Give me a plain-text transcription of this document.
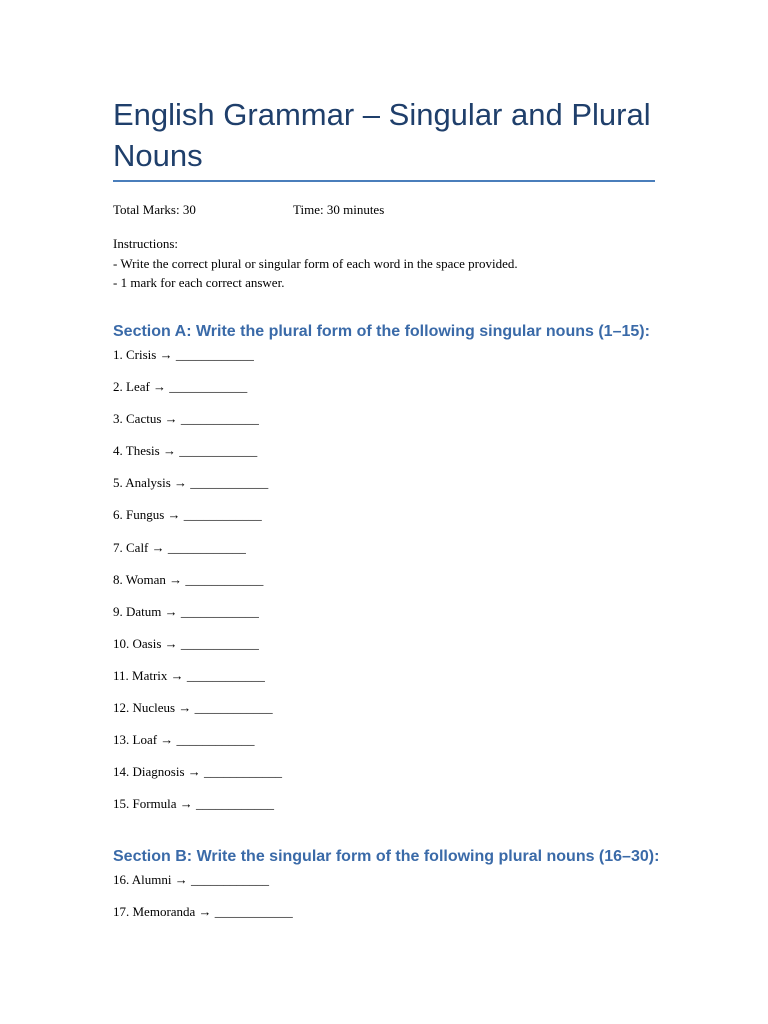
English Grammar – Singular and Plural Nouns
Total Marks: 30	Time: 30 minutes
Instructions:
- Write the correct plural or singular form of each word in the space provided.
- 1 mark for each correct answer.
Section A: Write the plural form of the following singular nouns (1–15):
1. Crisis → ____________
2. Leaf → ____________
3. Cactus → ____________
4. Thesis → ____________
5. Analysis → ____________
6. Fungus → ____________
7. Calf → ____________
8. Woman → ____________
9. Datum → ____________
10. Oasis → ____________
11. Matrix → ____________
12. Nucleus → ____________
13. Loaf → ____________
14. Diagnosis → ____________
15. Formula → ____________
Section B: Write the singular form of the following plural nouns (16–30):
16. Alumni → ____________
17. Memoranda → ____________
